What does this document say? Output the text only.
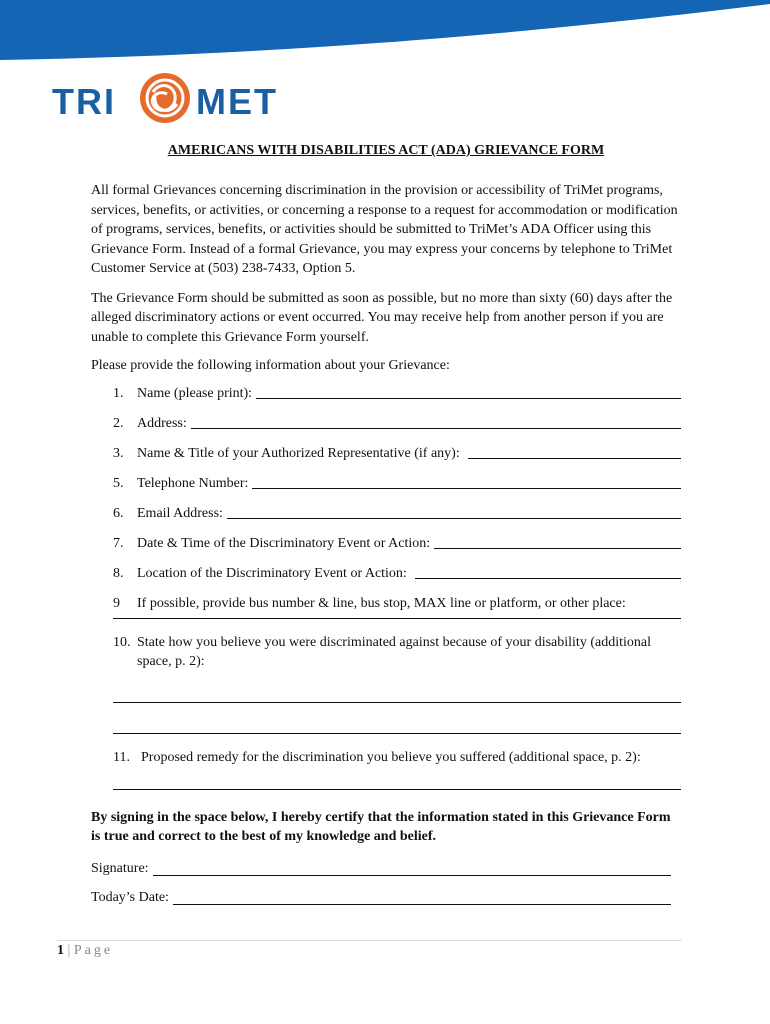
TRI MET
AMERICANS WITH DISABILITIES ACT (ADA) GRIEVANCE FORM

All formal Grievances concerning discrimination in the provision or accessibility of TriMet programs, services, benefits, or activities, or concerning a response to a request for accommodation or modification of programs, services, benefits, or activities should be submitted to TriMet’s ADA Officer using this Grievance Form. Instead of a formal Grievance, you may express your concerns by telephone to TriMet Customer Service at (503) 238-7433, Option 5.

The Grievance Form should be submitted as soon as possible, but no more than sixty (60) days after the alleged discriminatory actions or event occurred. You may receive help from another person if you are unable to complete this Grievance Form yourself.

Please provide the following information about your Grievance:

1. Name (please print):
2. Address:
3. Name & Title of your Authorized Representative (if any):
5. Telephone Number:
6. Email Address:
7. Date & Time of the Discriminatory Event or Action:
8. Location of the Discriminatory Event or Action:
9	If possible, provide bus number & line, bus stop, MAX line or platform, or other place:
10. State how you believe you were discriminated against because of your disability (additional space, p. 2):
11. Proposed remedy for the discrimination you believe you suffered (additional space, p. 2):

By signing in the space below, I hereby certify that the information stated in this Grievance Form is true and correct to the best of my knowledge and belief.

Signature:
Today’s Date:
1 | Page
